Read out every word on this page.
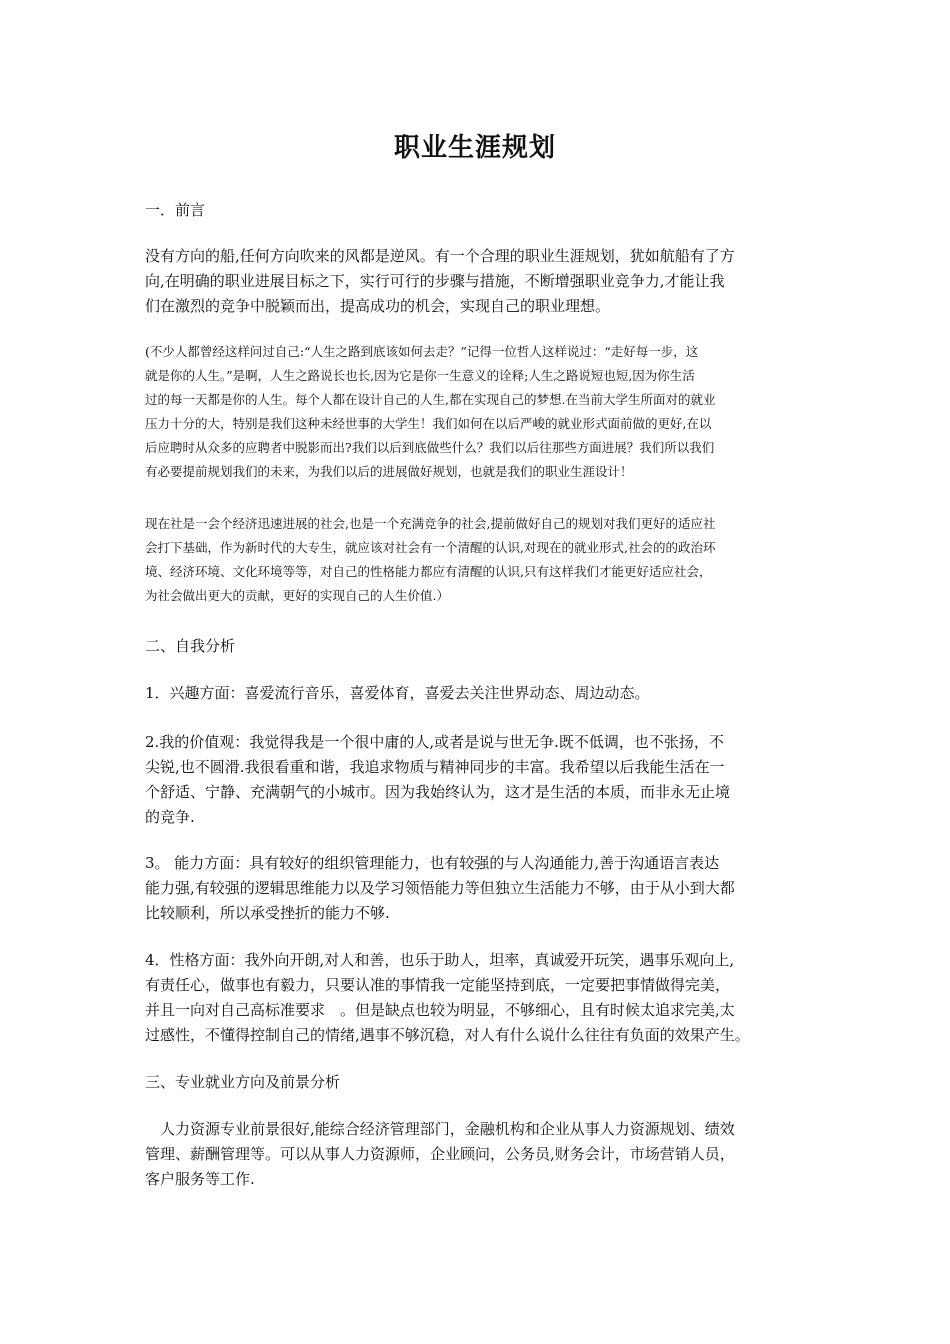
职业生涯规划

一．前言

没有方向的船,任何方向吹来的风都是逆风。有一个合理的职业生涯规划，犹如航船有了方
向,在明确的职业进展目标之下，实行可行的步骤与措施，不断增强职业竞争力,才能让我
们在激烈的竞争中脱颖而出，提高成功的机会，实现自己的职业理想。

(不少人都曾经这样问过自己:“人生之路到底该如何去走？”记得一位哲人这样说过：“走好每一步，这
就是你的人生。”是啊，人生之路说长也长,因为它是你一生意义的诠释;人生之路说短也短,因为你生活
过的每一天都是你的人生。每个人都在设计自己的人生,都在实现自己的梦想.在当前大学生所面对的就业
压力十分的大，特别是我们这种未经世事的大学生！我们如何在以后严峻的就业形式面前做的更好,在以
后应聘时从众多的应聘者中脱影而出?我们以后到底做些什么？我们以后往那些方面进展？我们所以我们
有必要提前规划我们的未来，为我们以后的进展做好规划，也就是我们的职业生涯设计！

现在社是一会个经济迅速进展的社会,也是一个充满竞争的社会,提前做好自己的规划对我们更好的适应社
会打下基础，作为新时代的大专生，就应该对社会有一个清醒的认识,对现在的就业形式,社会的的政治环
境、经济环境、文化环境等等，对自己的性格能力都应有清醒的认识,只有这样我们才能更好适应社会，
为社会做出更大的贡献，更好的实现自己的人生价值.）

二、自我分析

1．兴趣方面：喜爱流行音乐，喜爱体育，喜爱去关注世界动态、周边动态。

2.我的价值观：我觉得我是一个很中庸的人,或者是说与世无争.既不低调，也不张扬，不
尖锐,也不圆滑.我很看重和谐，我追求物质与精神同步的丰富。我希望以后我能生活在一
个舒适、宁静、充满朝气的小城市。因为我始终认为，这才是生活的本质，而非永无止境
的竞争.

3。 能力方面：具有较好的组织管理能力，也有较强的与人沟通能力,善于沟通语言表达
能力强,有较强的逻辑思维能力以及学习领悟能力等但独立生活能力不够，由于从小到大都
比较顺利，所以承受挫折的能力不够.

4．性格方面：我外向开朗,对人和善，也乐于助人，坦率，真诚爱开玩笑，遇事乐观向上,
有责任心，做事也有毅力，只要认准的事情我一定能坚持到底，一定要把事情做得完美，
并且一向对自己高标准要求　。但是缺点也较为明显，不够细心，且有时候太追求完美,太
过感性，不懂得控制自己的情绪,遇事不够沉稳，对人有什么说什么往往有负面的效果产生。

三、专业就业方向及前景分析

　人力资源专业前景很好,能综合经济管理部门，金融机构和企业从事人力资源规划、绩效
管理、薪酬管理等。可以从事人力资源师，企业顾问，公务员,财务会计，市场营销人员，
客户服务等工作.
